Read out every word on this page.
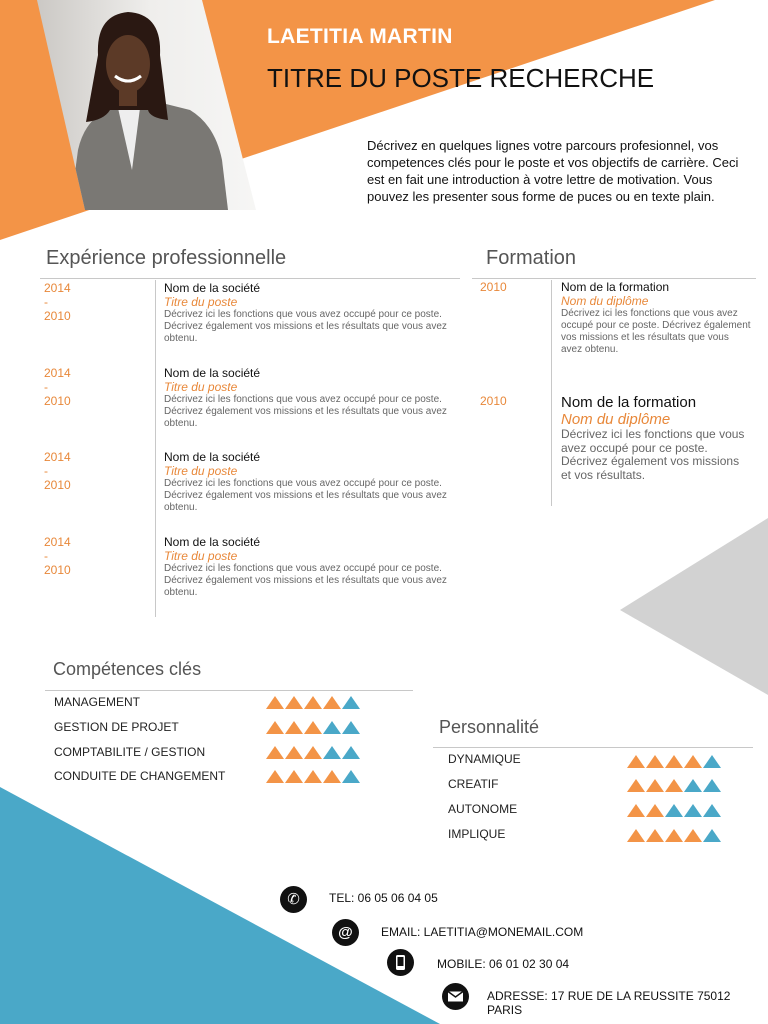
LAETITIA MARTIN
TITRE DU POSTE RECHERCHE
Décrivez en quelques lignes votre parcours profesionnel, vos competences clés pour le poste et vos objectifs de carrière. Ceci est en fait une introduction à votre lettre de motivation. Vous pouvez les presenter sous forme de puces ou en texte plain.
Expérience professionnelle
2014 - 2010
Nom de la société
Titre du poste
Décrivez ici les fonctions que vous avez occupé pour ce poste. Décrivez également vos missions et les résultats que vous avez obtenu.
2014 - 2010
Nom de la société
Titre du poste
Décrivez ici les fonctions que vous avez occupé pour ce poste. Décrivez également vos missions et les résultats que vous avez obtenu.
2014 - 2010
Nom de la société
Titre du poste
Décrivez ici les fonctions que vous avez occupé pour ce poste. Décrivez également vos missions et les résultats que vous avez obtenu.
2014 - 2010
Nom de la société
Titre du poste
Décrivez ici les fonctions que vous avez occupé pour ce poste. Décrivez également vos missions et les résultats que vous avez obtenu.
Formation
2010	Nom de la formation
Nom du diplôme
Décrivez ici les fonctions que vous avez occupé pour ce poste. Décrivez également vos missions et les résultats que vous avez obtenu.
2010	Nom de la formation
Nom du diplôme
Décrivez ici les fonctions que vous avez occupé pour ce poste. Décrivez également vos missions et vos résultats.
Compétences clés
MANAGEMENT
GESTION DE PROJET
COMPTABILITE / GESTION
CONDUITE DE CHANGEMENT
Personnalité
DYNAMIQUE
CREATIF
AUTONOME
IMPLIQUE
✆	TEL: 06 05 06 04 05
@	EMAIL: LAETITIA@MONEMAIL.COM
MOBILE: 06 01 02 30 04
ADRESSE: 17 RUE DE LA REUSSITE 75012 PARIS
